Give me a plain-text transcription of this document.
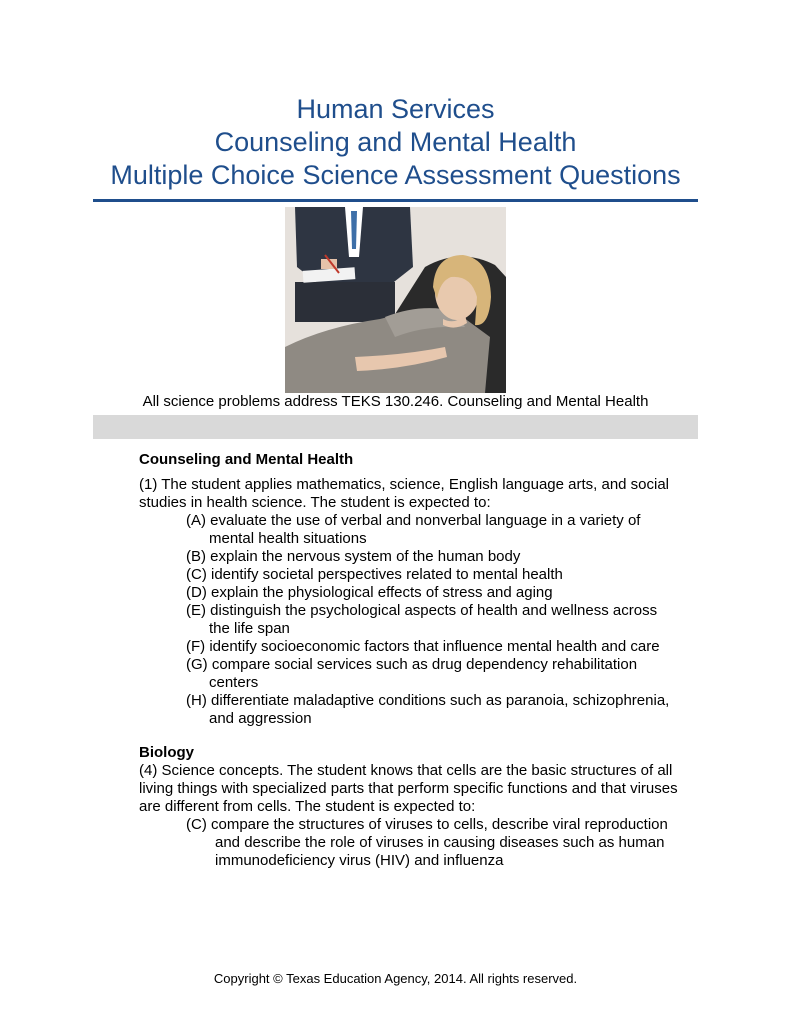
Human Services
Counseling and Mental Health
Multiple Choice Science Assessment Questions
All science problems address TEKS 130.246. Counseling and Mental Health
Counseling and Mental Health
(1) The student applies mathematics, science, English language arts, and social
studies in health science. The student is expected to:
(A) evaluate the use of verbal and nonverbal language in a variety of
mental health situations
(B) explain the nervous system of the human body
(C) identify societal perspectives related to mental health
(D) explain the physiological effects of stress and aging
(E) distinguish the psychological aspects of health and wellness across
the life span
(F) identify socioeconomic factors that influence mental health and care
(G) compare social services such as drug dependency rehabilitation
centers
(H) differentiate maladaptive conditions such as paranoia, schizophrenia,
and aggression
Biology
(4) Science concepts. The student knows that cells are the basic structures of all
living things with specialized parts that perform specific functions and that viruses
are different from cells. The student is expected to:
(C) compare the structures of viruses to cells, describe viral reproduction
and describe the role of viruses in causing diseases such as human
immunodeficiency virus (HIV) and influenza
Copyright © Texas Education Agency, 2014. All rights reserved.
